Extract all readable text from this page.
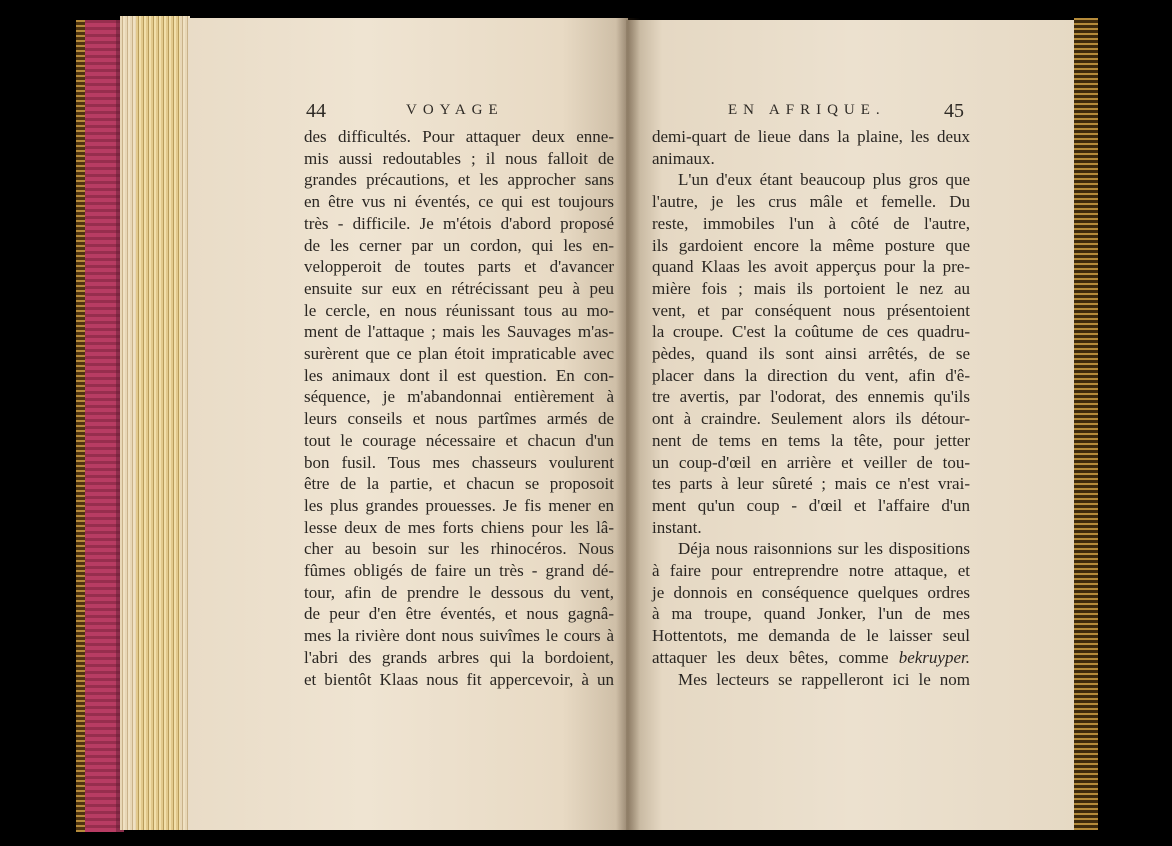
44	VOYAGE	EN AFRIQUE.	45
des difficultés. Pour attaquer deux enne-
mis aussi redoutables ; il nous falloit de
grandes précautions, et les approcher sans
en être vus ni éventés, ce qui est toujours
très - difficile. Je m'étois d'abord proposé
de les cerner par un cordon, qui les en-
velopperoit de toutes parts et d'avancer
ensuite sur eux en rétrécissant peu à peu
le cercle, en nous réunissant tous au mo-
ment de l'attaque ; mais les Sauvages m'as-
surèrent que ce plan étoit impraticable avec
les animaux dont il est question. En con-
séquence, je m'abandonnai entièrement à
leurs conseils et nous partîmes armés de
tout le courage nécessaire et chacun d'un
bon fusil. Tous mes chasseurs voulurent
être de la partie, et chacun se proposoit
les plus grandes prouesses. Je fis mener en
lesse deux de mes forts chiens pour les lâ-
cher au besoin sur les rhinocéros. Nous
fûmes obligés de faire un très - grand dé-
tour, afin de prendre le dessous du vent,
de peur d'en être éventés, et nous gagnâ-
mes la rivière dont nous suivîmes le cours à
l'abri des grands arbres qui la bordoient,
et bientôt Klaas nous fit appercevoir, à un
demi-quart de lieue dans la plaine, les deux
animaux.
L'un d'eux étant beaucoup plus gros que
l'autre, je les crus mâle et femelle. Du
reste, immobiles l'un à côté de l'autre,
ils gardoient encore la même posture que
quand Klaas les avoit apperçus pour la pre-
mière fois ; mais ils portoient le nez au
vent, et par conséquent nous présentoient
la croupe. C'est la coûtume de ces quadru-
pèdes, quand ils sont ainsi arrêtés, de se
placer dans la direction du vent, afin d'ê-
tre avertis, par l'odorat, des ennemis qu'ils
ont à craindre. Seulement alors ils détour-
nent de tems en tems la tête, pour jetter
un coup-d'œil en arrière et veiller de tou-
tes parts à leur sûreté ; mais ce n'est vrai-
ment qu'un coup - d'œil et l'affaire d'un
instant.
Déja nous raisonnions sur les dispositions
à faire pour entreprendre notre attaque, et
je donnois en conséquence quelques ordres
à ma troupe, quand Jonker, l'un de mes
Hottentots, me demanda de le laisser seul
attaquer les deux bêtes, comme bekruyper.
Mes lecteurs se rappelleront ici le nom
